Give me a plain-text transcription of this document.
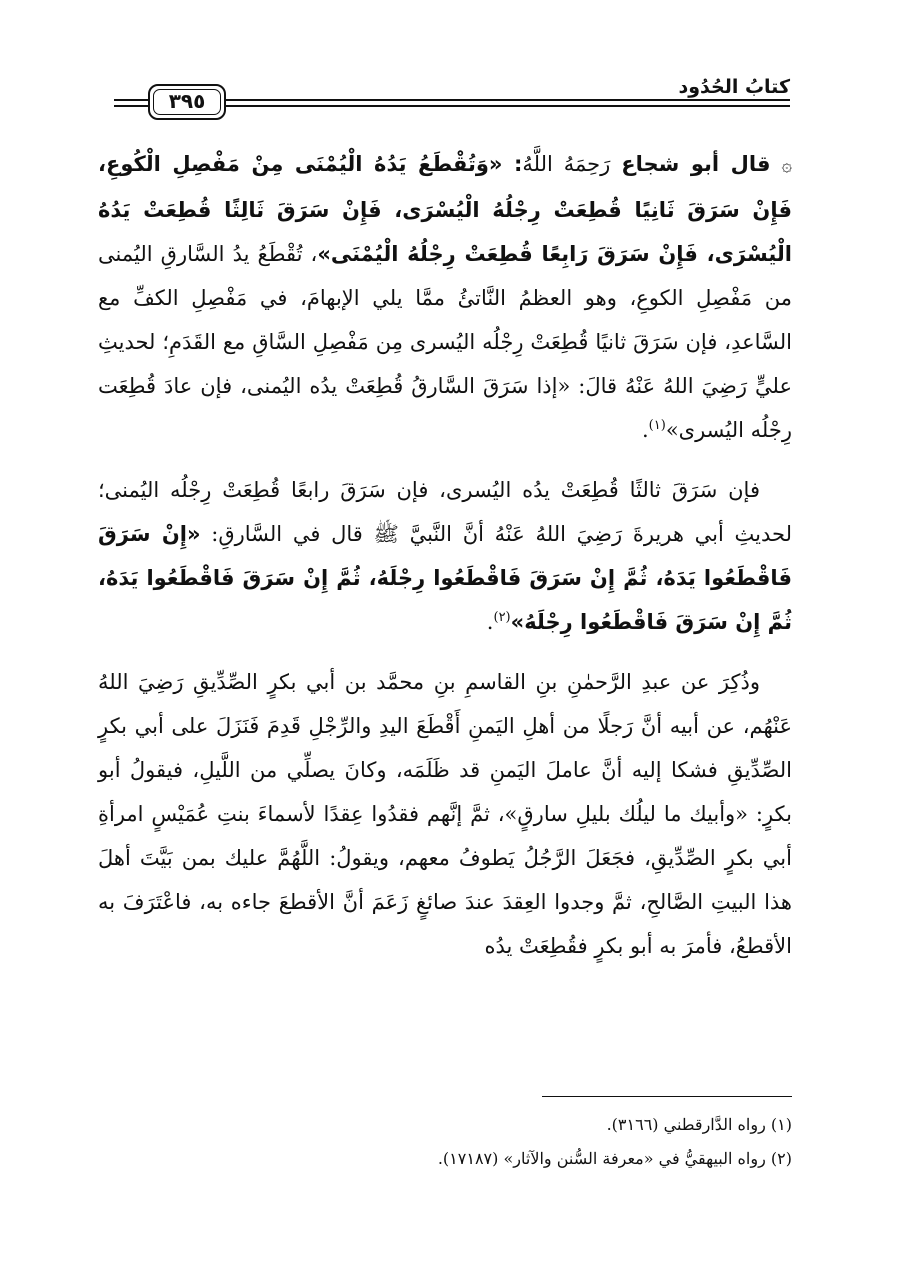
كتابُ الحُدُود
٣٩٥

۞ قال أبو شجاع رَحِمَهُ اللَّهُ: «وَتُقْطَعُ يَدُهُ الْيُمْنَى مِنْ مَفْصِلِ الْكُوعِ، فَإِنْ سَرَقَ ثَانِيًا قُطِعَتْ رِجْلُهُ الْيُسْرَى، فَإِنْ سَرَقَ ثَالِثًا قُطِعَتْ يَدُهُ الْيُسْرَى، فَإِنْ سَرَقَ رَابِعًا قُطِعَتْ رِجْلُهُ الْيُمْنَى»، تُقْطَعُ يدُ السَّارقِ اليُمنى من مَفْصِلِ الكوعِ، وهو العظمُ النَّاتئُ ممَّا يلي الإبهامَ، في مَفْصِلِ الكفِّ مع السَّاعدِ، فإن سَرَقَ ثانيًا قُطِعَتْ رِجْلُه اليُسرى مِن مَفْصِلِ السَّاقِ مع القَدَمِ؛ لحديثِ عليٍّ رَضِيَ اللهُ عَنْهُ قالَ: «إذا سَرَقَ السَّارقُ قُطِعَتْ يدُه اليُمنى، فإن عادَ قُطِعَت رِجْلُه اليُسرى»$^{(١)}$.

فإن سَرَقَ ثالثًا قُطِعَتْ يدُه اليُسرى، فإن سَرَقَ رابعًا قُطِعَتْ رِجْلُه اليُمنى؛ لحديثِ أبي هريرةَ رَضِيَ اللهُ عَنْهُ أنَّ النَّبيَّ ﷺ قال في السَّارقِ: «إِنْ سَرَقَ فَاقْطَعُوا يَدَهُ، ثُمَّ إِنْ سَرَقَ فَاقْطَعُوا رِجْلَهُ، ثُمَّ إِنْ سَرَقَ فَاقْطَعُوا يَدَهُ، ثُمَّ إِنْ سَرَقَ فَاقْطَعُوا رِجْلَهُ»$^{(٢)}$.

وذُكِرَ عن عبدِ الرَّحمٰنِ بنِ القاسمِ بنِ محمَّد بن أبي بكرٍ الصِّدِّيقِ رَضِيَ اللهُ عَنْهُم، عن أبيه أنَّ رَجلًا من أهلِ اليَمنِ أَقْطَعَ اليدِ والرِّجْلِ قَدِمَ فَنَزَلَ على أبي بكرٍ الصِّدِّيقِ فشكا إليه أنَّ عاملَ اليَمنِ قد ظَلَمَه، وكانَ يصلِّي من اللَّيلِ، فيقولُ أبو بكرٍ: «وأبيك ما ليلُك بليلِ سارقٍ»، ثمَّ إنَّهم فقدُوا عِقدًا لأسماءَ بنتِ عُمَيْسٍ امرأةِ أبي بكرٍ الصِّدِّيقِ، فجَعَلَ الرَّجُلُ يَطوفُ معهم، ويقولُ: اللَّهُمَّ عليك بمن بَيَّتَ أهلَ هذا البيتِ الصَّالحِ، ثمَّ وجدوا العِقدَ عندَ صائغٍ زَعَمَ أنَّ الأقطعَ جاءه به، فاعْتَرَفَ به الأقطعُ، فأمرَ به أبو بكرٍ فقُطِعَتْ يدُه

(١) رواه الدَّارقطني (٣١٦٦).
(٢) رواه البيهقيُّ في «معرفة السُّنن والآثار» (١٧١٨٧).
